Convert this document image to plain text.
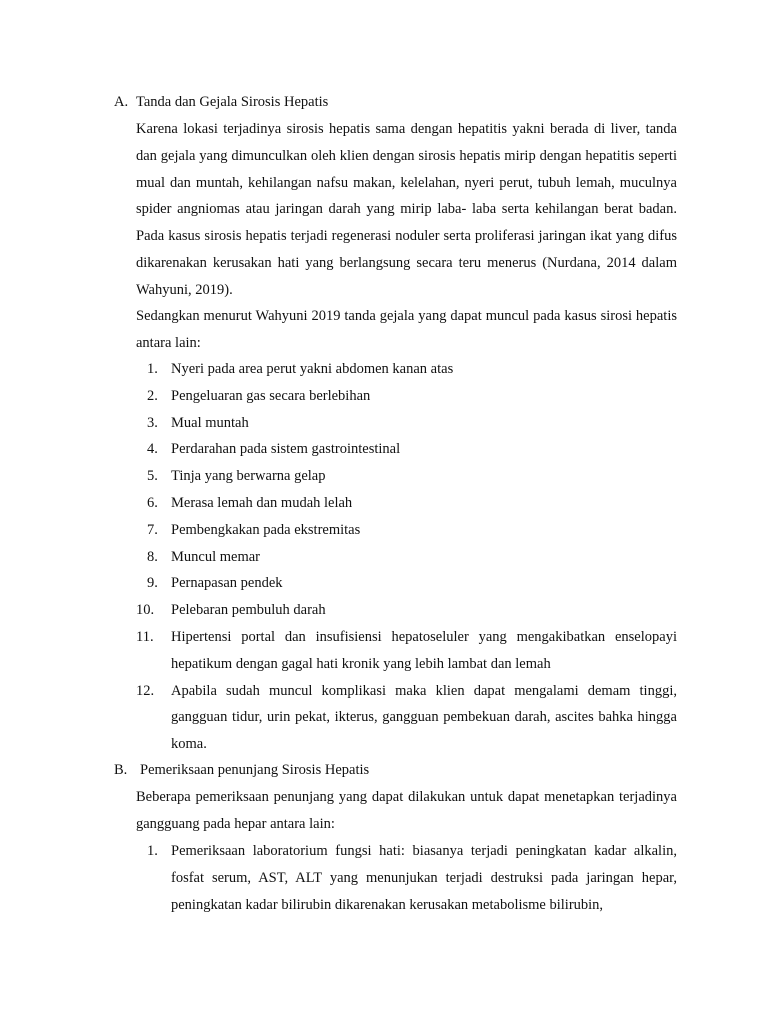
A. Tanda dan Gejala Sirosis Hepatis
Karena lokasi terjadinya sirosis hepatis sama dengan hepatitis yakni berada di liver, tanda dan gejala yang dimunculkan oleh klien dengan sirosis hepatis mirip dengan hepatitis seperti mual dan muntah, kehilangan nafsu makan, kelelahan, nyeri perut, tubuh lemah, muculnya spider angniomas atau jaringan darah yang mirip laba- laba serta kehilangan berat badan. Pada kasus sirosis hepatis terjadi regenerasi noduler serta proliferasi jaringan ikat yang difus dikarenakan kerusakan hati yang berlangsung secara teru menerus (Nurdana, 2014 dalam Wahyuni, 2019).
Sedangkan menurut Wahyuni 2019 tanda gejala yang dapat muncul pada kasus sirosi hepatis antara lain:
1. Nyeri pada area perut yakni abdomen kanan atas
2. Pengeluaran gas secara berlebihan
3. Mual muntah
4. Perdarahan pada sistem gastrointestinal
5. Tinja yang berwarna gelap
6. Merasa lemah dan mudah lelah
7. Pembengkakan pada ekstremitas
8. Muncul memar
9. Pernapasan pendek
10. Pelebaran pembuluh darah
11. Hipertensi portal dan insufisiensi hepatoseluler yang mengakibatkan enselopayi hepatikum dengan gagal hati kronik yang lebih lambat dan lemah
12. Apabila sudah muncul komplikasi maka klien dapat mengalami demam tinggi, gangguan tidur, urin pekat, ikterus, gangguan pembekuan darah, ascites bahka hingga koma.
B. Pemeriksaan penunjang Sirosis Hepatis
Beberapa pemeriksaan penunjang yang dapat dilakukan untuk dapat menetapkan terjadinya gangguang pada hepar antara lain:
1. Pemeriksaan laboratorium fungsi hati: biasanya terjadi peningkatan kadar alkalin, fosfat serum, AST, ALT yang menunjukan terjadi destruksi pada jaringan hepar, peningkatan kadar bilirubin dikarenakan kerusakan metabolisme bilirubin,
